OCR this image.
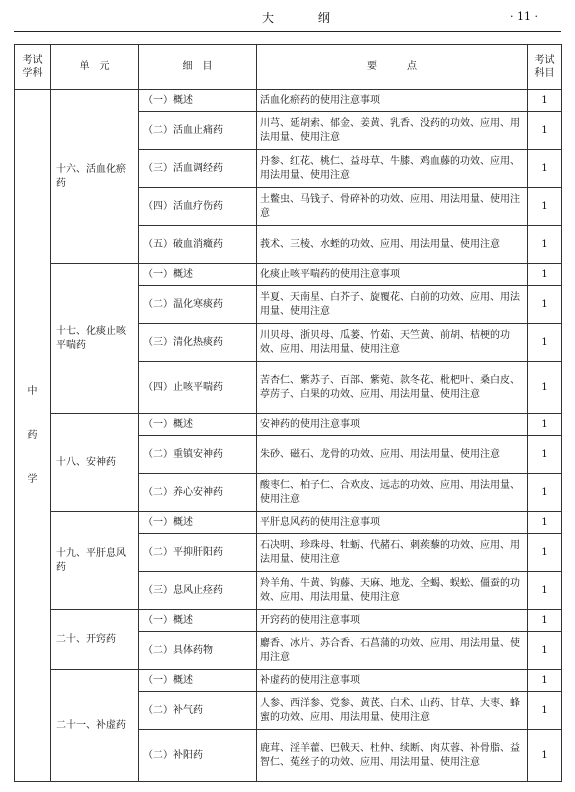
大 纲	· 11 ·
考试
学科	单　元	细　目	要　　　点	考试
科目

中
药
学	十六、活血化瘀药	（一）概述	活血化瘀药的使用注意事项	1
		（二）活血止痛药	川芎、延胡索、郁金、姜黄、乳香、没药的功效、应用、用法用量、使用注意	1
		（三）活血调经药	丹参、红花、桃仁、益母草、牛膝、鸡血藤的功效、应用、用法用量、使用注意	1
		（四）活血疗伤药	土鳖虫、马钱子、骨碎补的功效、应用、用法用量、使用注意	1
		（五）破血消癥药	莪术、三棱、水蛭的功效、应用、用法用量、使用注意	1
	十七、化痰止咳平喘药	（一）概述	化痰止咳平喘药的使用注意事项	1
		（二）温化寒痰药	半夏、天南星、白芥子、旋覆花、白前的功效、应用、用法用量、使用注意	1
		（三）清化热痰药	川贝母、浙贝母、瓜蒌、竹茹、天竺黄、前胡、桔梗的功效、应用、用法用量、使用注意	1
		（四）止咳平喘药	苦杏仁、紫苏子、百部、紫菀、款冬花、枇杷叶、桑白皮、葶苈子、白果的功效、应用、用法用量、使用注意	1
	十八、安神药	（一）概述	安神药的使用注意事项	1
		（二）重镇安神药	朱砂、磁石、龙骨的功效、应用、用法用量、使用注意	1
		（二）养心安神药	酸枣仁、柏子仁、合欢皮、远志的功效、应用、用法用量、使用注意	1
	十九、平肝息风药	（一）概述	平肝息风药的使用注意事项	1
		（二）平抑肝阳药	石决明、珍珠母、牡蛎、代赭石、刺蒺藜的功效、应用、用法用量、使用注意	1
		（三）息风止痉药	羚羊角、牛黄、钩藤、天麻、地龙、全蝎、蜈蚣、僵蚕的功效、应用、用法用量、使用注意	1
	二十、开窍药	（一）概述	开窍药的使用注意事项	1
		（二）具体药物	麝香、冰片、苏合香、石菖蒲的功效、应用、用法用量、使用注意	1
	二十一、补虚药	（一）概述	补虚药的使用注意事项	1
		（二）补气药	人参、西洋参、党参、黄芪、白术、山药、甘草、大枣、蜂蜜的功效、应用、用法用量、使用注意	1
		（二）补阳药	鹿茸、淫羊藿、巴戟天、杜仲、续断、肉苁蓉、补骨脂、益智仁、菟丝子的功效、应用、用法用量、使用注意	1
